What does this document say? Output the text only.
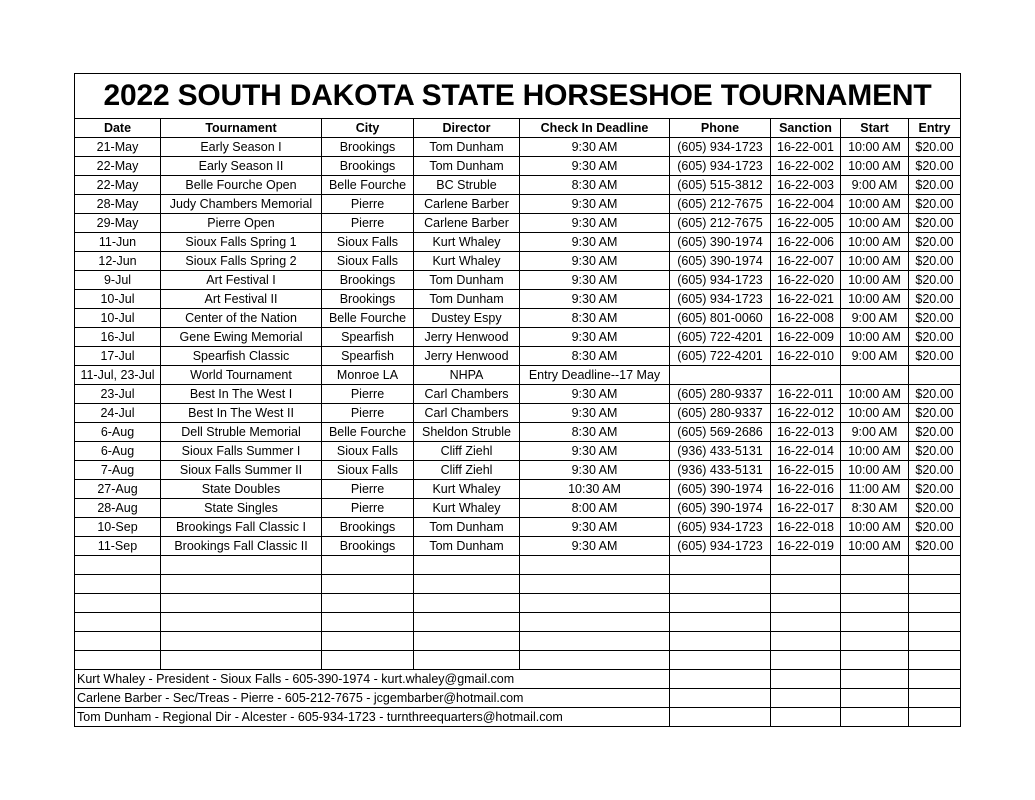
2022 SOUTH DAKOTA STATE HORSESHOE TOURNAMENT								
Date	Tournament	City	Director	Check In Deadline	Phone	Sanction	Start	Entry
21-May	Early Season I	Brookings	Tom Dunham	9:30 AM	(605) 934-1723	16-22-001	10:00 AM	$20.00
22-May	Early Season II	Brookings	Tom Dunham	9:30 AM	(605) 934-1723	16-22-002	10:00 AM	$20.00
22-May	Belle Fourche Open	Belle Fourche	BC Struble	8:30 AM	(605) 515-3812	16-22-003	9:00 AM	$20.00
28-May	Judy Chambers Memorial	Pierre	Carlene Barber	9:30 AM	(605) 212-7675	16-22-004	10:00 AM	$20.00
29-May	Pierre Open	Pierre	Carlene Barber	9:30 AM	(605) 212-7675	16-22-005	10:00 AM	$20.00
11-Jun	Sioux Falls Spring 1	Sioux Falls	Kurt Whaley	9:30 AM	(605) 390-1974	16-22-006	10:00 AM	$20.00
12-Jun	Sioux Falls Spring 2	Sioux Falls	Kurt Whaley	9:30 AM	(605) 390-1974	16-22-007	10:00 AM	$20.00
9-Jul	Art Festival I	Brookings	Tom Dunham	9:30 AM	(605) 934-1723	16-22-020	10:00 AM	$20.00
10-Jul	Art Festival II	Brookings	Tom Dunham	9:30 AM	(605) 934-1723	16-22-021	10:00 AM	$20.00
10-Jul	Center of the Nation	Belle Fourche	Dustey Espy	8:30 AM	(605) 801-0060	16-22-008	9:00 AM	$20.00
16-Jul	Gene Ewing Memorial	Spearfish	Jerry Henwood	9:30 AM	(605) 722-4201	16-22-009	10:00 AM	$20.00
17-Jul	Spearfish Classic	Spearfish	Jerry Henwood	8:30 AM	(605) 722-4201	16-22-010	9:00 AM	$20.00
11-Jul, 23-Jul	World Tournament	Monroe LA	NHPA	Entry Deadline--17 May				
23-Jul	Best In The West I	Pierre	Carl Chambers	9:30 AM	(605) 280-9337	16-22-011	10:00 AM	$20.00
24-Jul	Best In The West II	Pierre	Carl Chambers	9:30 AM	(605) 280-9337	16-22-012	10:00 AM	$20.00
6-Aug	Dell Struble Memorial	Belle Fourche	Sheldon Struble	8:30 AM	(605) 569-2686	16-22-013	9:00 AM	$20.00
6-Aug	Sioux Falls Summer I	Sioux Falls	Cliff Ziehl	9:30 AM	(936) 433-5131	16-22-014	10:00 AM	$20.00
7-Aug	Sioux Falls Summer II	Sioux Falls	Cliff Ziehl	9:30 AM	(936) 433-5131	16-22-015	10:00 AM	$20.00
27-Aug	State Doubles	Pierre	Kurt Whaley	10:30 AM	(605) 390-1974	16-22-016	11:00 AM	$20.00
28-Aug	State Singles	Pierre	Kurt Whaley	8:00 AM	(605) 390-1974	16-22-017	8:30 AM	$20.00
10-Sep	Brookings Fall Classic I	Brookings	Tom Dunham	9:30 AM	(605) 934-1723	16-22-018	10:00 AM	$20.00
11-Sep	Brookings Fall Classic II	Brookings	Tom Dunham	9:30 AM	(605) 934-1723	16-22-019	10:00 AM	$20.00

Kurt Whaley - President - Sioux Falls - 605-390-1974 - kurt.whaley@gmail.com								
Carlene Barber - Sec/Treas - Pierre - 605-212-7675 - jcgembarber@hotmail.com								
Tom Dunham - Regional Dir - Alcester - 605-934-1723 - turnthreequarters@hotmail.com								
